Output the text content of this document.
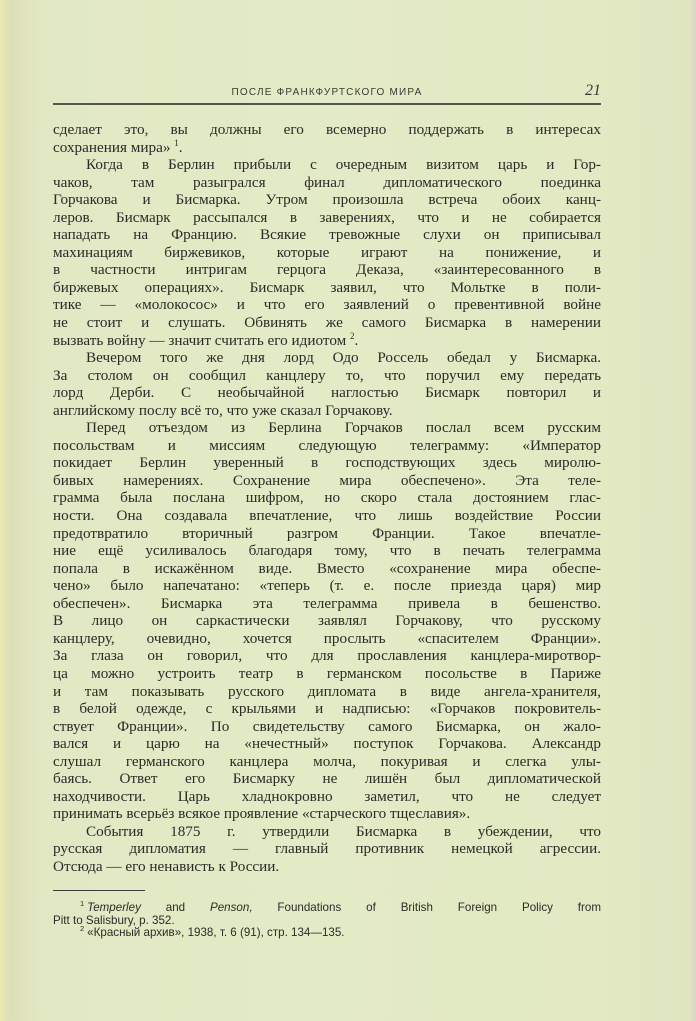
ПОСЛЕ ФРАНКФУРТСКОГО МИРА	21
сделает это, вы должны его всемерно поддержать в интересах
сохранения мира» $^1$.
Когда в Берлин прибыли с очередным визитом царь и Гор-
чаков, там разыгрался финал дипломатического поединка
Горчакова и Бисмарка. Утром произошла встреча обоих канц-
леров. Бисмарк рассыпался в заверениях, что и не собирается
нападать на Францию. Всякие тревожные слухи он приписывал
махинациям биржевиков, которые играют на понижение, и
в частности интригам герцога Деказа, «заинтересованного в
биржевых операциях». Бисмарк заявил, что Мольтке в поли-
тике — «молокосос» и что его заявлений о превентивной войне
не стоит и слушать. Обвинять же самого Бисмарка в намерении
вызвать войну — значит считать его идиотом $^2$.
Вечером того же дня лорд Одо Россель обедал у Бисмарка.
За столом он сообщил канцлеру то, что поручил ему передать
лорд Дерби. С необычайной наглостью Бисмарк повторил и
английскому послу всё то, что уже сказал Горчакову.
Перед отъездом из Берлина Горчаков послал всем русским
посольствам и миссиям следующую телеграмму: «Император
покидает Берлин уверенный в господствующих здесь миролю-
бивых намерениях. Сохранение мира обеспечено». Эта теле-
грамма была послана шифром, но скоро стала достоянием глас-
ности. Она создавала впечатление, что лишь воздействие России
предотвратило вторичный разгром Франции. Такое впечатле-
ние ещё усиливалось благодаря тому, что в печать телеграмма
попала в искажённом виде. Вместо «сохранение мира обеспе-
чено» было напечатано: «теперь (т. е. после приезда царя) мир
обеспечен». Бисмарка эта телеграмма привела в бешенство.
В лицо он саркастически заявлял Горчакову, что русскому
канцлеру, очевидно, хочется прослыть «спасителем Франции».
За глаза он говорил, что для прославления канцлера-миротвор-
ца можно устроить театр в германском посольстве в Париже
и там показывать русского дипломата в виде ангела-хранителя,
в белой одежде, с крыльями и надписью: «Горчаков покровитель-
ствует Франции». По свидетельству самого Бисмарка, он жало-
вался и царю на «нечестный» поступок Горчакова. Александр
слушал германского канцлера молча, покуривая и слегка улы-
баясь. Ответ его Бисмарку не лишён был дипломатической
находчивости. Царь хладнокровно заметил, что не следует
принимать всерьёз всякое проявление «старческого тщеславия».
События 1875 г. утвердили Бисмарка в убеждении, что
русская дипломатия — главный противник немецкой агрессии.
Отсюда — его ненависть к России.
$^1$ Temperley and Penson, Foundations of British Foreign Policy from
Pitt to Salisbury, p. 352.
$^2$ «Красный архив», 1938, т. 6 (91), стр. 134—135.
